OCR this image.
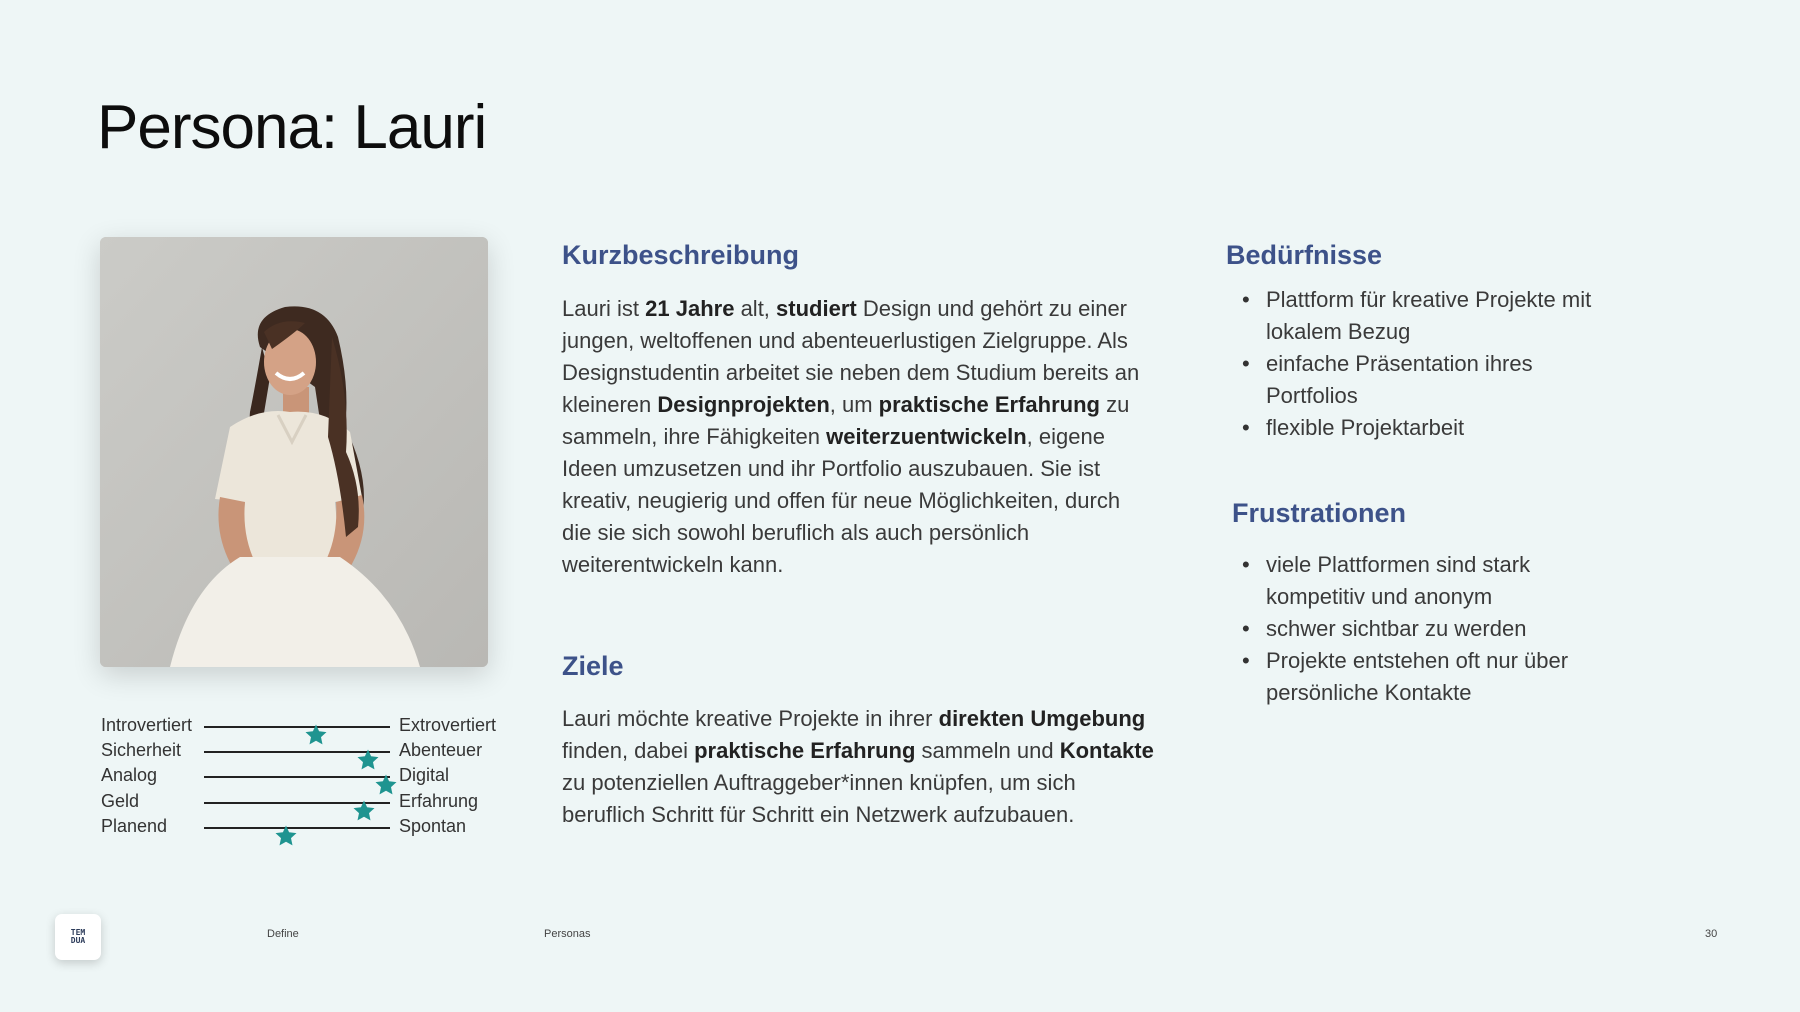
Persona: Lauri
Introvertiert	Extrovertiert
Sicherheit	Abenteuer
Analog	Digital
Geld	Erfahrung
Planend	Spontan
Kurzbeschreibung

Lauri ist 21 Jahre alt, studiert Design und gehört zu einer jungen, weltoffenen und abenteuerlustigen Zielgruppe. Als Designstudentin arbeitet sie neben dem Studium bereits an kleineren Designprojekten, um praktische Erfahrung zu sammeln, ihre Fähigkeiten weiterzuentwickeln, eigene Ideen umzusetzen und ihr Portfolio auszubauen. Sie ist kreativ, neugierig und offen für neue Möglichkeiten, durch die sie sich sowohl beruflich als auch persönlich weiterentwickeln kann.

Ziele

Lauri möchte kreative Projekte in ihrer direkten Umgebung finden, dabei praktische Erfahrung sammeln und Kontakte zu potenziellen Auftraggeber*innen knüpfen, um sich beruflich Schritt für Schritt ein Netzwerk aufzubauen.

Bedürfnisse
• Plattform für kreative Projekte mit lokalem Bezug
• einfache Präsentation ihres Portfolios
• flexible Projektarbeit
Frustrationen
• viele Plattformen sind stark kompetitiv und anonym
• schwer sichtbar zu werden
• Projekte entstehen oft nur über persönliche Kontakte
TEM
DUA
Define	Personas	30
